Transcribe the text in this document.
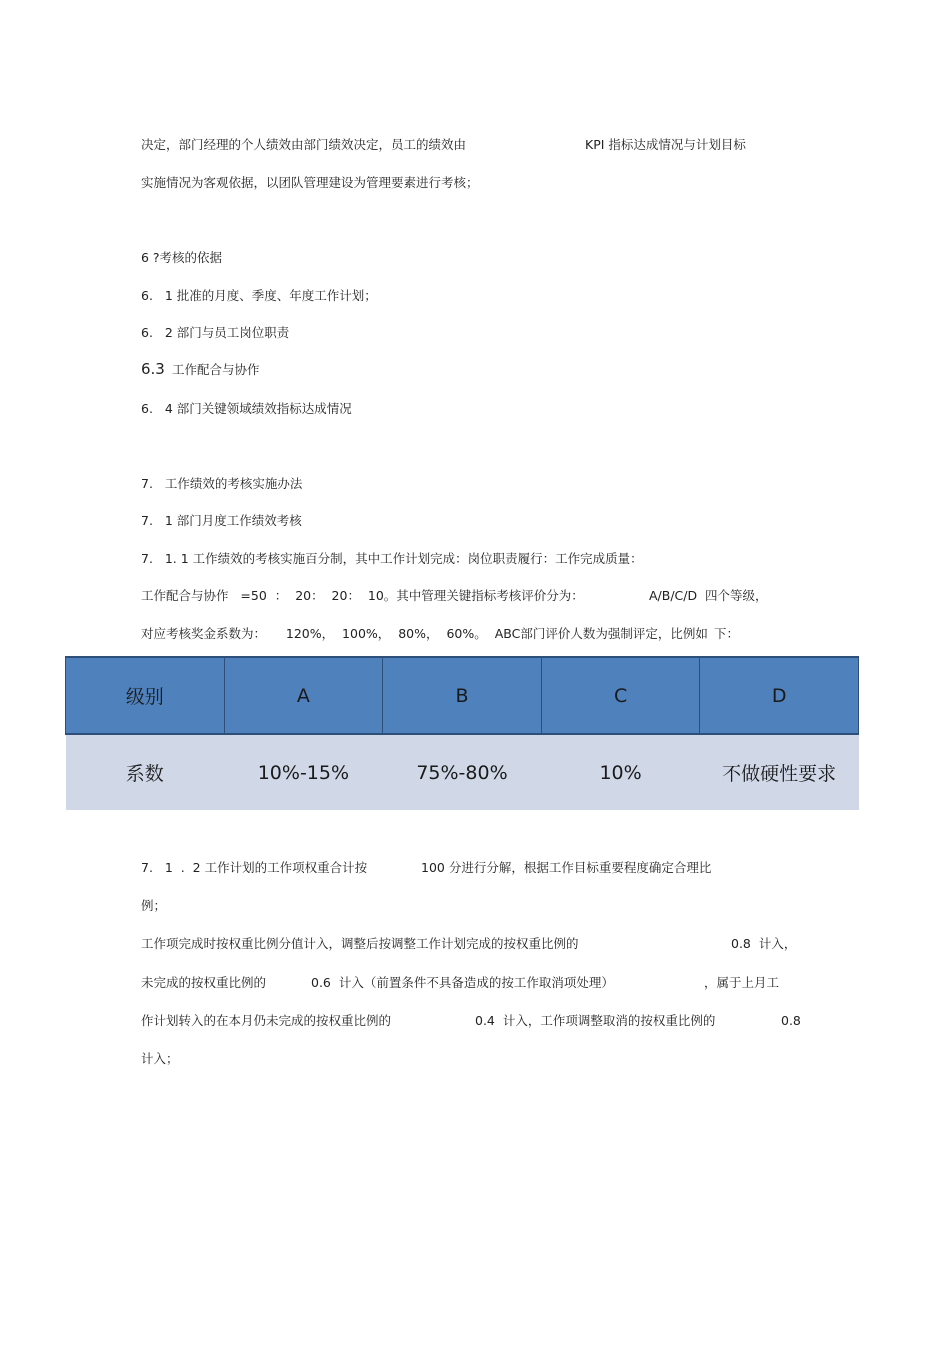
决定，部门经理的个人绩效由部门绩效决定，员工的绩效由

	KPI 指标达成情况与计划目标

实施情况为客观依据，以团队管理建设为管理要素进行考核；
6 ?考核的依据
6.   1 批准的月度、季度、年度工作计划；
6.   2 部门与员工岗位职责

6.3

工作配合与协作

6.   4 部门关键领域绩效指标达成情况
7.   工作绩效的考核实施办法
7.   1 部门月度工作绩效考核
7.   1. 1 工作绩效的考核实施百分制，其中工作计划完成：岗位职责履行：工作完成质量：

工作配合与协作   =50  ：  20：  20：  10。其中管理关键指标考核评价分为：

	A/B/C/D  四个等级，

对应考核奖金系数为：     120%，  100%，  80%，  60%。  ABC部门评价人数为强制评定，比例如

下：

级别	A	B	C	D
系数	10%-15%	75%-80%	10%	不做硬性要求

7.   1  .  2 工作计划的工作项权重合计按

	100 分进行分解，根据工作目标重要程度确定合理比

例；

工作项完成时按权重比例分值计入，调整后按调整工作计划完成的按权重比例的

	0.8  计入，

未完成的按权重比例的

	0.6  计入（前置条件不具备造成的按工作取消项处理）

	，属于上月工

作计划转入的在本月仍未完成的按权重比例的

	0.4  计入，工作项调整取消的按权重比例的

	0.8

计入；
